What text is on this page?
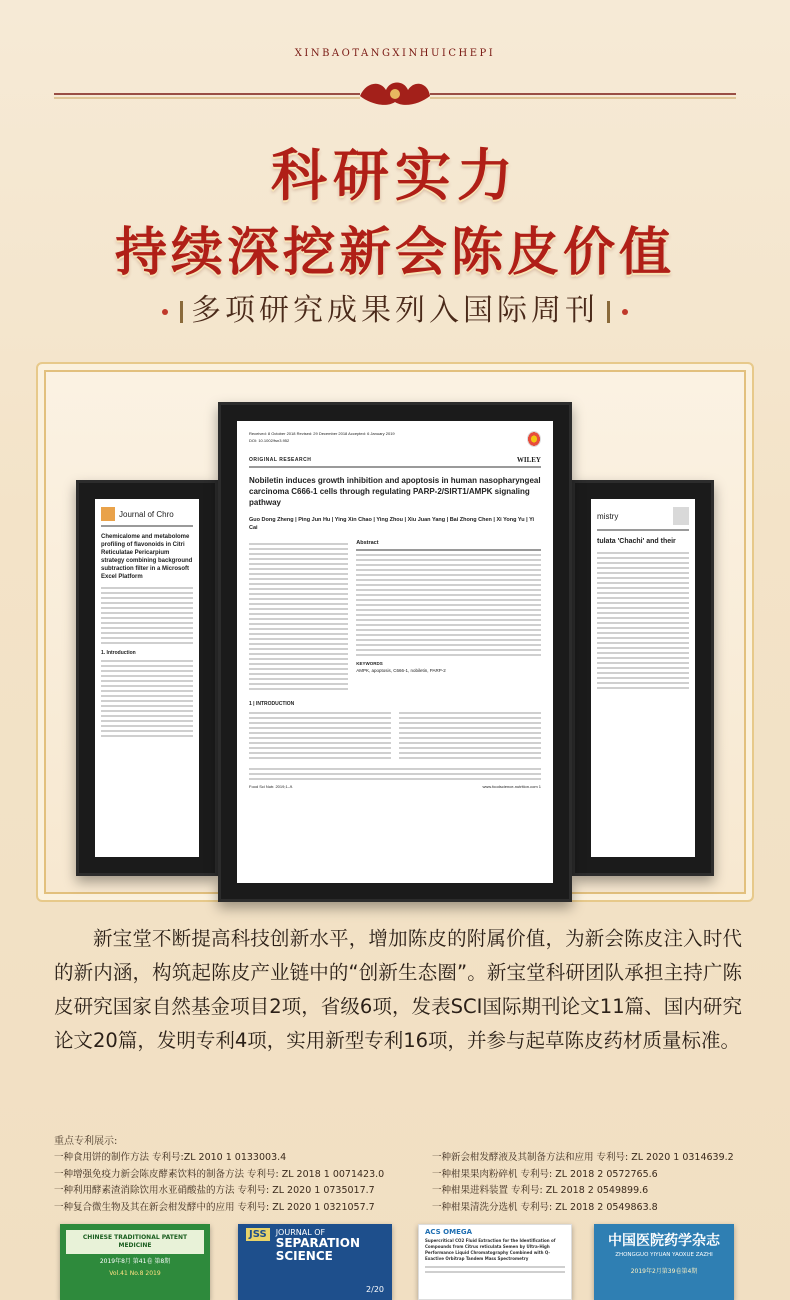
XINBAOTANGXINHUICHEPI
科研实力
持续深挖新会陈皮价值
多项研究成果列入国际周刊
Journal of Chro
Chemicalome and metabolome profiling of flavonoids in Citri Reticulatae Pericarpium strategy combining background subtraction filter in a Microsoft Excel Platform
1. Introduction
mistry
tulata 'Chachi' and their
Received: 8 October 2018 Revised: 29 December 2018 Accepted: 6 January 2019
DOI: 10.1002/fsn3.952
ORIGINAL RESEARCH	WILEY
Nobiletin induces growth inhibition and apoptosis in human nasopharyngeal carcinoma C666-1 cells through regulating PARP-2/SIRT1/AMPK signaling pathway
Guo Dong Zheng | Ping Jun Hu | Ying Xin Chao | Ying Zhou | Xiu Juan Yang | Bai Zhong Chen | Xi Yong Yu | Yi Cai
Abstract
KEYWORDS
AMPK, apoptosis, C666-1, nobiletin, PARP-2
1 | INTRODUCTION
Food Sci Nutr. 2019;1–9.	www.foodscience-nutrition.com 1
新宝堂不断提高科技创新水平，增加陈皮的附属价值，为新会陈皮注入时代的新内涵，构筑起陈皮产业链中的“创新生态圈”。新宝堂科研团队承担主持广陈皮研究国家自然基金项目2项，省级6项，发表SCI国际期刊论文11篇、国内研究论文20篇，发明专利4项，实用新型专利16项，并参与起草陈皮药材质量标准。
重点专利展示:
一种食用饼的制作方法 专利号:ZL 2010 1 0133003.4
一种增强免疫力新会陈皮酵素饮料的制备方法 专利号: ZL 2018 1 0071423.0
一种利用酵素渣消除饮用水亚硝酸盐的方法 专利号: ZL 2020 1 0735017.7
一种复合微生物及其在新会柑发酵中的应用 专利号: ZL 2020 1 0321057.7
一种新会柑发酵液及其制备方法和应用 专利号: ZL 2020 1 0314639.2
一种柑果果肉粉碎机 专利号: ZL 2018 2 0572765.6
一种柑果进料装置 专利号: ZL 2018 2 0549899.6
一种柑果清洗分选机 专利号: ZL 2018 2 0549863.8
CHINESE TRADITIONAL PATENT MEDICINE
2019年8月 第41卷 第8期
Vol.41 No.8 2019
JSS	JOURNAL OF
SEPARATION SCIENCE
2/20
ACS OMEGA
Supercritical CO2 Fluid Extraction for the Identification of Compounds from Citrus reticulata Semen by Ultra-High Performance Liquid Chromatography Combined with Q-Exactive Orbitrap Tandem Mass Spectrometry
中国医院药学杂志
ZHONGGUO YIYUAN YAOXUE ZAZHI
2019年2月第39卷第4期
